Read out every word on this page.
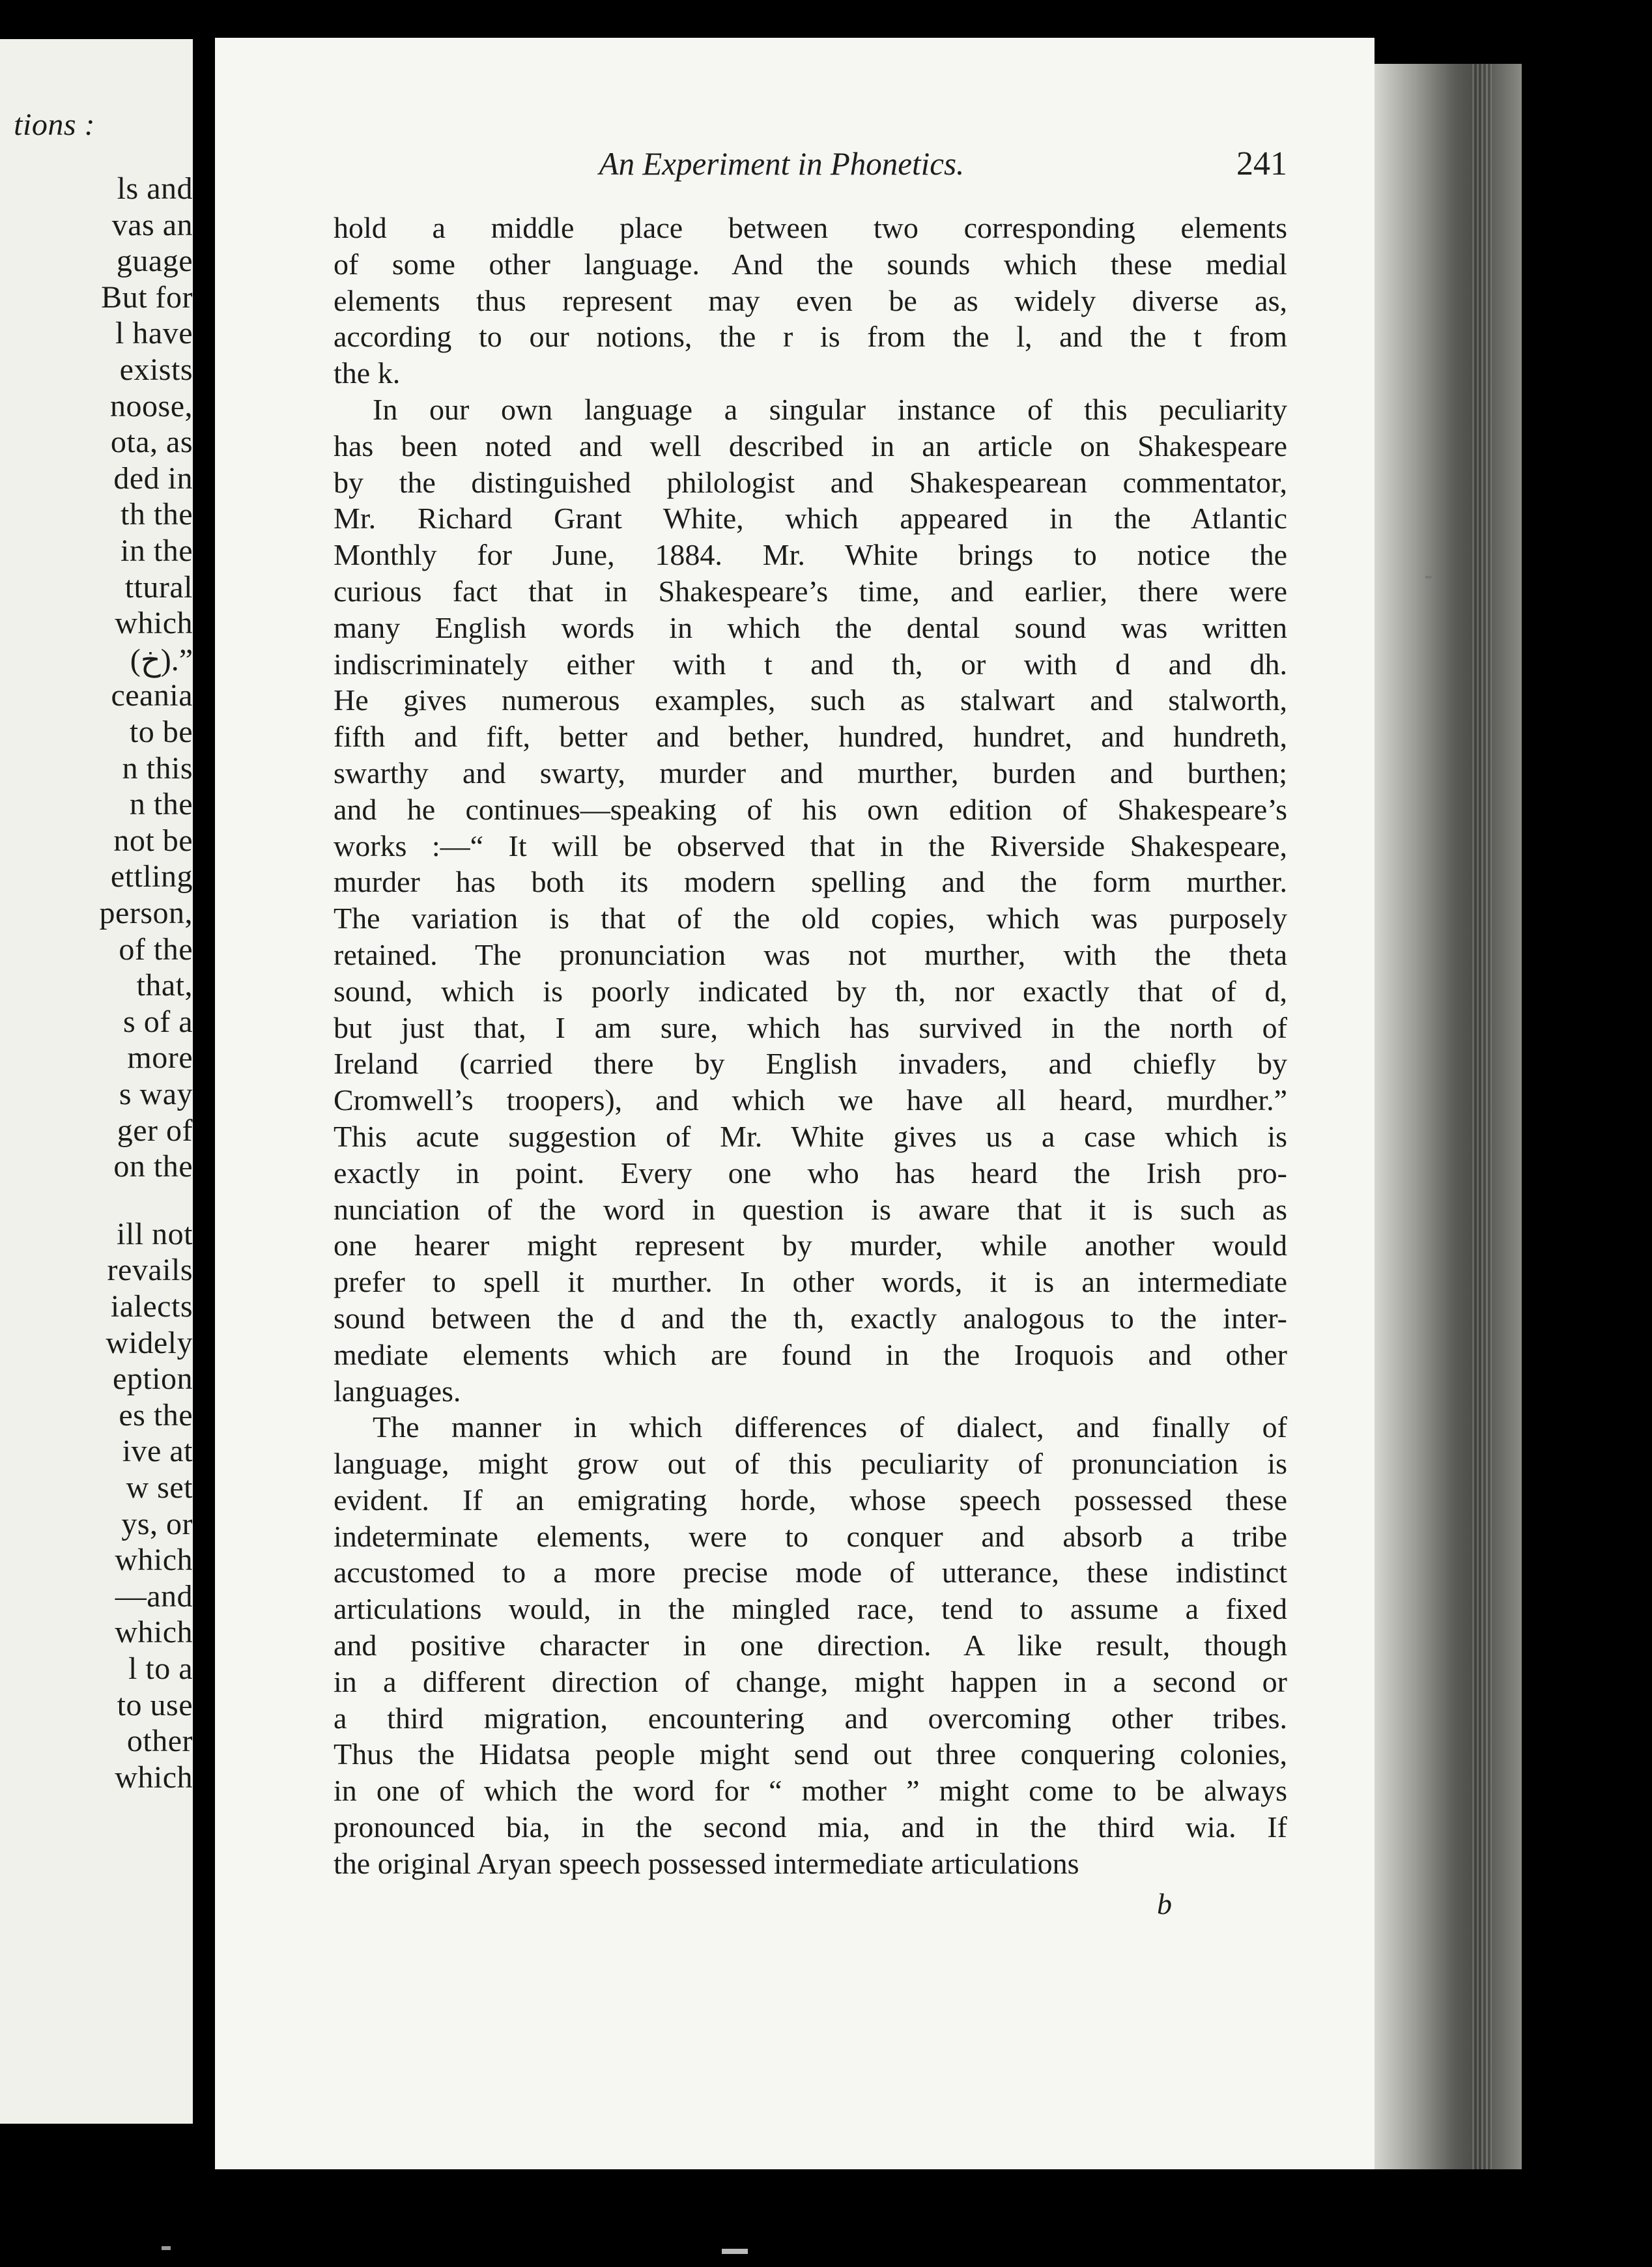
tions :
ls and
vas an
guage
But for
l have
exists
noose,
ota, as
ded in
th the
in the
ttural
which
(خ).”
ceania
to be
n this
n the
not be
ettling
person,
of the
that,
s of a
more
s way
ger of
on the
ill not
revails
ialects
widely
eption
es the
ive at
w set
ys, or
which
—and
which
l to a
to use
other
which
An Experiment in Phonetics.	241
hold a middle place between two corresponding elements
of some other language. And the sounds which these medial
elements thus represent may even be as widely diverse as,
according to our notions, the r is from the l, and the t from
the k.
In our own language a singular instance of this peculiarity
has been noted and well described in an article on Shakespeare
by the distinguished philologist and Shakespearean commentator,
Mr. Richard Grant White, which appeared in the Atlantic
Monthly for June, 1884. Mr. White brings to notice the
curious fact that in Shakespeare’s time, and earlier, there were
many English words in which the dental sound was written
indiscriminately either with t and th, or with d and dh.
He gives numerous examples, such as stalwart and stalworth,
fifth and fift, better and bether, hundred, hundret, and hundreth,
swarthy and swarty, murder and murther, burden and burthen;
and he continues—speaking of his own edition of Shakespeare’s
works :—“ It will be observed that in the Riverside Shakespeare,
murder has both its modern spelling and the form murther.
The variation is that of the old copies, which was purposely
retained. The pronunciation was not murther, with the theta
sound, which is poorly indicated by th, nor exactly that of d,
but just that, I am sure, which has survived in the north of
Ireland (carried there by English invaders, and chiefly by
Cromwell’s troopers), and which we have all heard, murdher.”
This acute suggestion of Mr. White gives us a case which is
exactly in point. Every one who has heard the Irish pro-
nunciation of the word in question is aware that it is such as
one hearer might represent by murder, while another would
prefer to spell it murther. In other words, it is an intermediate
sound between the d and the th, exactly analogous to the inter-
mediate elements which are found in the Iroquois and other
languages.
The manner in which differences of dialect, and finally of
language, might grow out of this peculiarity of pronunciation is
evident. If an emigrating horde, whose speech possessed these
indeterminate elements, were to conquer and absorb a tribe
accustomed to a more precise mode of utterance, these indistinct
articulations would, in the mingled race, tend to assume a fixed
and positive character in one direction. A like result, though
in a different direction of change, might happen in a second or
a third migration, encountering and overcoming other tribes.
Thus the Hidatsa people might send out three conquering colonies,
in one of which the word for “ mother ” might come to be always
pronounced bia, in the second mia, and in the third wia. If
the original Aryan speech possessed intermediate articulations
b
